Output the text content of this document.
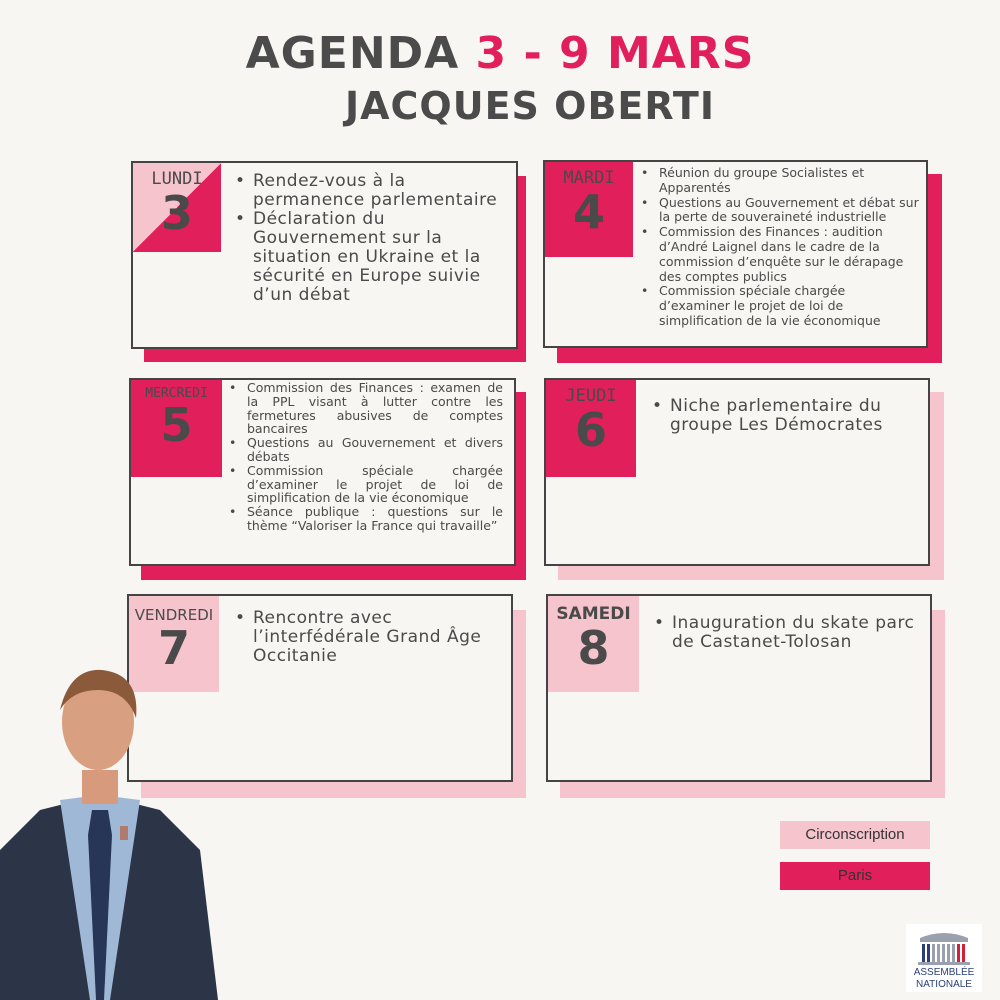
AGENDA 3 - 9 MARS
JACQUES OBERTI
LUNDI
3
• Rendez-vous à la permanence parlementaire
• Déclaration du Gouvernement sur la situation en Ukraine et la sécurité en Europe suivie d’un débat
MARDI
4
• Réunion du groupe Socialistes et Apparentés
• Questions au Gouvernement et débat sur la perte de souveraineté industrielle
• Commission des Finances : audition d’André Laignel dans le cadre de la commission d’enquête sur le dérapage des comptes publics
• Commission spéciale chargée d’examiner le projet de loi de simplification de la vie économique
MERCREDI
5
• Commission des Finances : examen de la PPL visant à lutter contre les fermetures abusives de comptes bancaires
• Questions au Gouvernement et divers débats
• Commission spéciale chargée d’examiner le projet de loi de simplification de la vie économique
• Séance publique : questions sur le thème “Valoriser la France qui travaille”
JEUDI
6	• Niche parlementaire du groupe Les Démocrates
VENDREDI
7
• Rencontre avec l’interfédérale Grand Âge Occitanie
SAMEDI
8	• Inauguration du skate parc de Castanet-Tolosan
Circonscription
Paris
ASSEMBLÉE
NATIONALE
